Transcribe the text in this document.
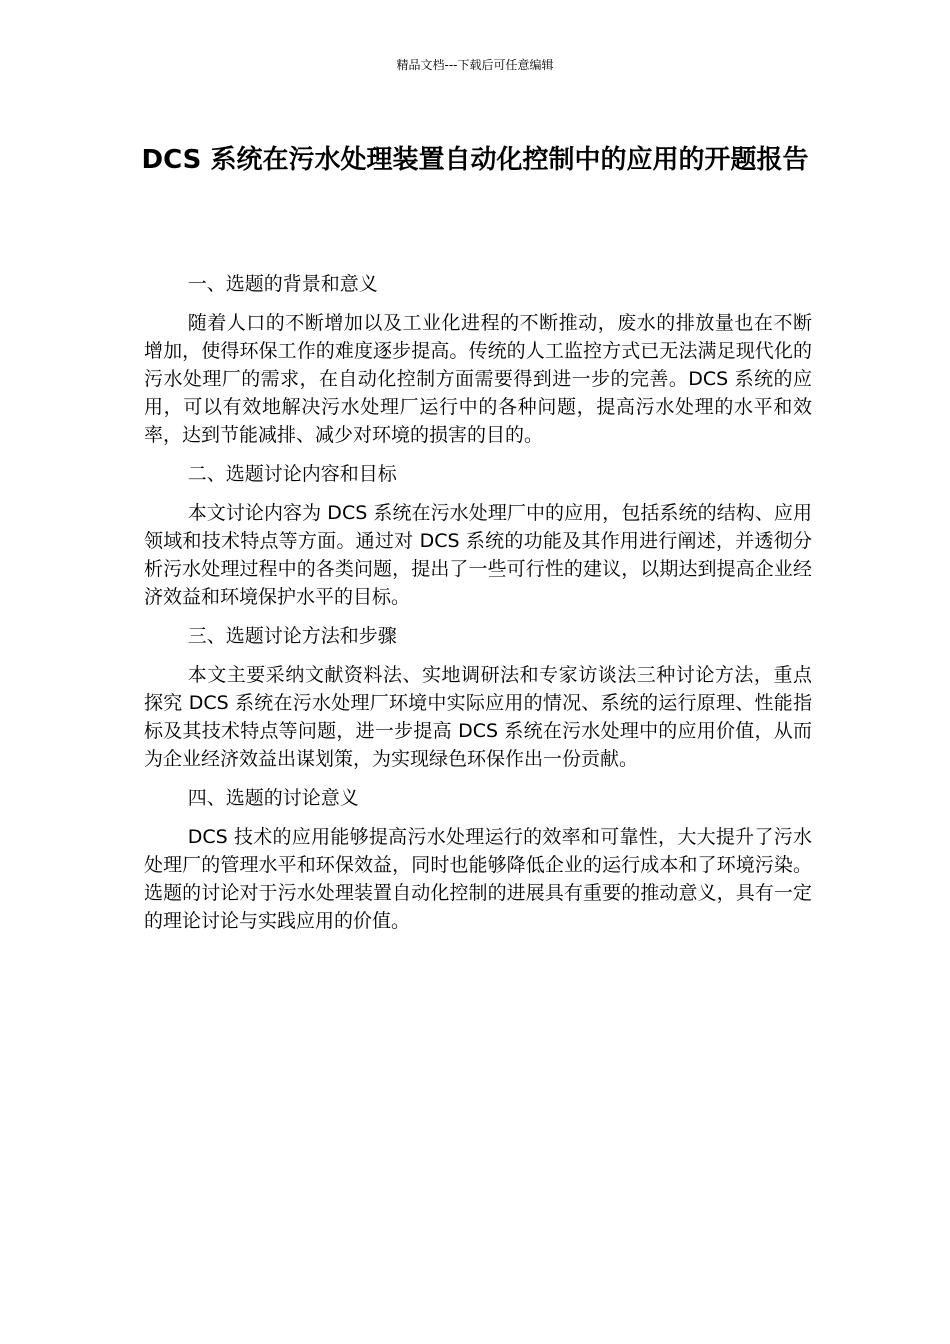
精品文档---下载后可任意编辑
DCS 系统在污水处理装置自动化控制中的应用的开题报告

一、选题的背景和意义

随着人口的不断增加以及工业化进程的不断推动，废水的排放量也在不断增加，使得环保工作的难度逐步提高。传统的人工监控方式已无法满足现代化的污水处理厂的需求，在自动化控制方面需要得到进一步的完善。DCS 系统的应用，可以有效地解决污水处理厂运行中的各种问题，提高污水处理的水平和效率，达到节能减排、减少对环境的损害的目的。

二、选题讨论内容和目标

本文讨论内容为 DCS 系统在污水处理厂中的应用，包括系统的结构、应用领域和技术特点等方面。通过对 DCS 系统的功能及其作用进行阐述，并透彻分析污水处理过程中的各类问题，提出了一些可行性的建议，以期达到提高企业经济效益和环境保护水平的目标。

三、选题讨论方法和步骤

本文主要采纳文献资料法、实地调研法和专家访谈法三种讨论方法，重点探究 DCS 系统在污水处理厂环境中实际应用的情况、系统的运行原理、性能指标及其技术特点等问题，进一步提高 DCS 系统在污水处理中的应用价值，从而为企业经济效益出谋划策，为实现绿色环保作出一份贡献。

四、选题的讨论意义

DCS 技术的应用能够提高污水处理运行的效率和可靠性，大大提升了污水处理厂的管理水平和环保效益，同时也能够降低企业的运行成本和了环境污染。选题的讨论对于污水处理装置自动化控制的进展具有重要的推动意义，具有一定的理论讨论与实践应用的价值。
